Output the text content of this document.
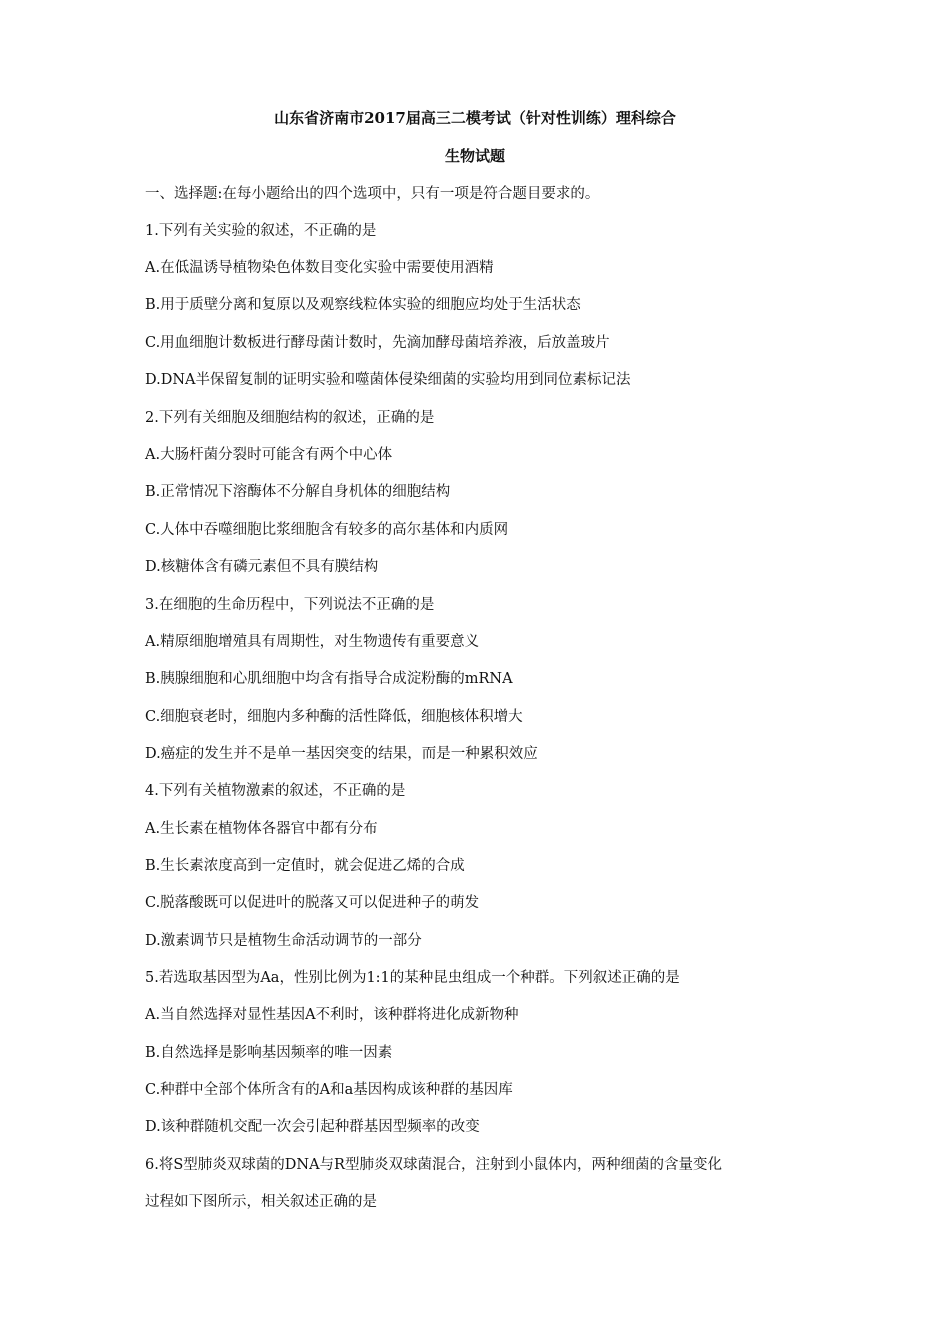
山东省济南市2017届高三二模考试（针对性训练）理科综合
生物试题
一、选择题:在每小题给出的四个选项中，只有一项是符合题目要求的。
1.下列有关实验的叙述，不正确的是
A.在低温诱导植物染色体数目变化实验中需要使用酒精
B.用于质壁分离和复原以及观察线粒体实验的细胞应均处于生活状态
C.用血细胞计数板进行酵母菌计数时，先滴加酵母菌培养液，后放盖玻片
D.DNA半保留复制的证明实验和噬菌体侵染细菌的实验均用到同位素标记法
2.下列有关细胞及细胞结构的叙述，正确的是
A.大肠杆菌分裂时可能含有两个中心体
B.正常情况下溶酶体不分解自身机体的细胞结构
C.人体中吞噬细胞比浆细胞含有较多的高尔基体和内质网
D.核糖体含有磷元素但不具有膜结构
3.在细胞的生命历程中，下列说法不正确的是
A.精原细胞增殖具有周期性，对生物遗传有重要意义
B.胰腺细胞和心肌细胞中均含有指导合成淀粉酶的mRNA
C.细胞衰老时，细胞内多种酶的活性降低，细胞核体积增大
D.癌症的发生并不是单一基因突变的结果，而是一种累积效应
4.下列有关植物激素的叙述，不正确的是
A.生长素在植物体各器官中都有分布
B.生长素浓度高到一定值时，就会促进乙烯的合成
C.脱落酸既可以促进叶的脱落又可以促进种子的萌发
D.激素调节只是植物生命活动调节的一部分
5.若选取基因型为Aa，性别比例为1:1的某种昆虫组成一个种群。下列叙述正确的是
A.当自然选择对显性基因A不利时，该种群将进化成新物种
B.自然选择是影响基因频率的唯一因素
C.种群中全部个体所含有的A和a基因构成该种群的基因库
D.该种群随机交配一次会引起种群基因型频率的改变
6.将S型肺炎双球菌的DNA与R型肺炎双球菌混合，注射到小鼠体内，两种细菌的含量变化
过程如下图所示，相关叙述正确的是
